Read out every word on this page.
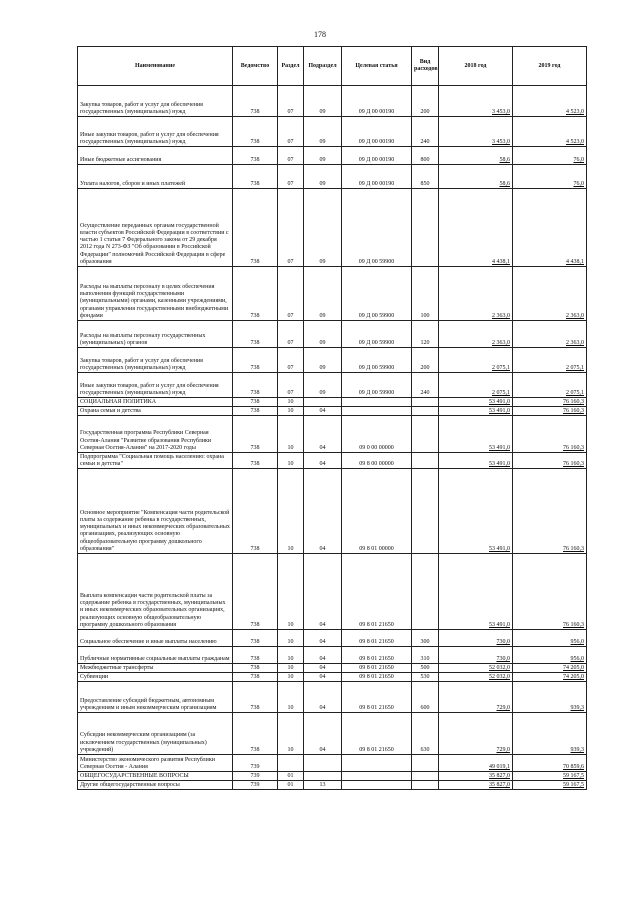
178
Наименование	Ведомство	Раздел	Подраздел	Целевая статья	Вид расходов	2018 год	2019 год
Закупка товаров, работ и услуг для обеспечения государственных (муниципальных) нужд	738	07	09	09 Д 00 00190	200	3 453,0	4 523,0
Иные закупки товаров, работ и услуг для обеспечения государственных (муниципальных) нужд	738	07	09	09 Д 00 00190	240	3 453,0	4 523,0
Иные бюджетные ассигнования	738	07	09	09 Д 00 00190	800	58,6	76,0
Уплата налогов, сборов и иных платежей	738	07	09	09 Д 00 00190	850	58,6	76,0
Осуществление переданных органам государственной власти субъектов Российской Федерации в соответствии с частью 1 статьи 7 Федерального закона от 29 декабря 2012 года N 273-ФЗ "Об образовании в Российской Федерации" полномочий Российской Федерации в сфере образования	738	07	09	09 Д 00 59900		4 438,1	4 438,1
Расходы на выплаты персоналу в целях обеспечения выполнения функций государственными (муниципальными) органами, казенными учреждениями, органами управления государственными внебюджетными фондами	738	07	09	09 Д 00 59900	100	2 363,0	2 363,0
Расходы на выплаты персоналу государственных (муниципальных) органов	738	07	09	09 Д 00 59900	120	2 363,0	2 363,0
Закупка товаров, работ и услуг для обеспечения государственных (муниципальных) нужд	738	07	09	09 Д 00 59900	200	2 075,1	2 075,1
Иные закупки товаров, работ и услуг для обеспечения государственных (муниципальных) нужд	738	07	09	09 Д 00 59900	240	2 075,1	2 075,1
СОЦИАЛЬНАЯ ПОЛИТИКА	738	10				53 491,0	76 160,3
Охрана семьи и детства	738	10	04			53 491,0	76 160,3
Государственная программа Республики Северная Осетия-Алания "Развитие образования Республики Северная Осетия-Алания" на 2017-2020 годы	738	10	04	09 0 00 00000		53 491,0	76 160,3
Подпрограмма "Социальная помощь населению: охрана семьи и детства"	738	10	04	09 8 00 00000		53 491,0	76 160,3
Основное мероприятие "Компенсация части родительской платы за содержание ребенка в государственных, муниципальных и иных некоммерческих образовательных организациях, реализующих основную общеобразовательную программу дошкольного образования"	738	10	04	09 8 01 00000		53 491,0	76 160,3
Выплата компенсации части родительской платы за содержание ребенка в государственных, муниципальных и иных некоммерческих образовательных организациях, реализующих основную общеобразовательную программу дошкольного образования	738	10	04	09 8 01 21650		53 491,0	76 160,3
Социальное обеспечение и иные выплаты населению	738	10	04	09 8 01 21650	300	730,0	956,0
Публичные нормативные социальные выплаты гражданам	738	10	04	09 8 01 21650	310	730,0	956,0
Межбюджетные трансферты	738	10	04	09 8 01 21650	500	52 032,0	74 205,0
Субвенции	738	10	04	09 8 01 21650	530	52 032,0	74 205,0
Предоставление субсидий бюджетным, автономным учреждениям и иным некоммерческим организациям	738	10	04	09 8 01 21650	600	729,0	939,3
Субсидии некоммерческим организациям (за исключением государственных (муниципальных) учреждений)	738	10	04	09 8 01 21650	630	729,0	939,3
Министерство экономического развития Республики Северная Осетия - Алания	739					49 019,1	70 859,6
ОБЩЕГОСУДАРСТВЕННЫЕ ВОПРОСЫ	739	01				35 827,0	59 167,5
Другие общегосударственные вопросы	739	01	13			35 827,0	59 167,5
